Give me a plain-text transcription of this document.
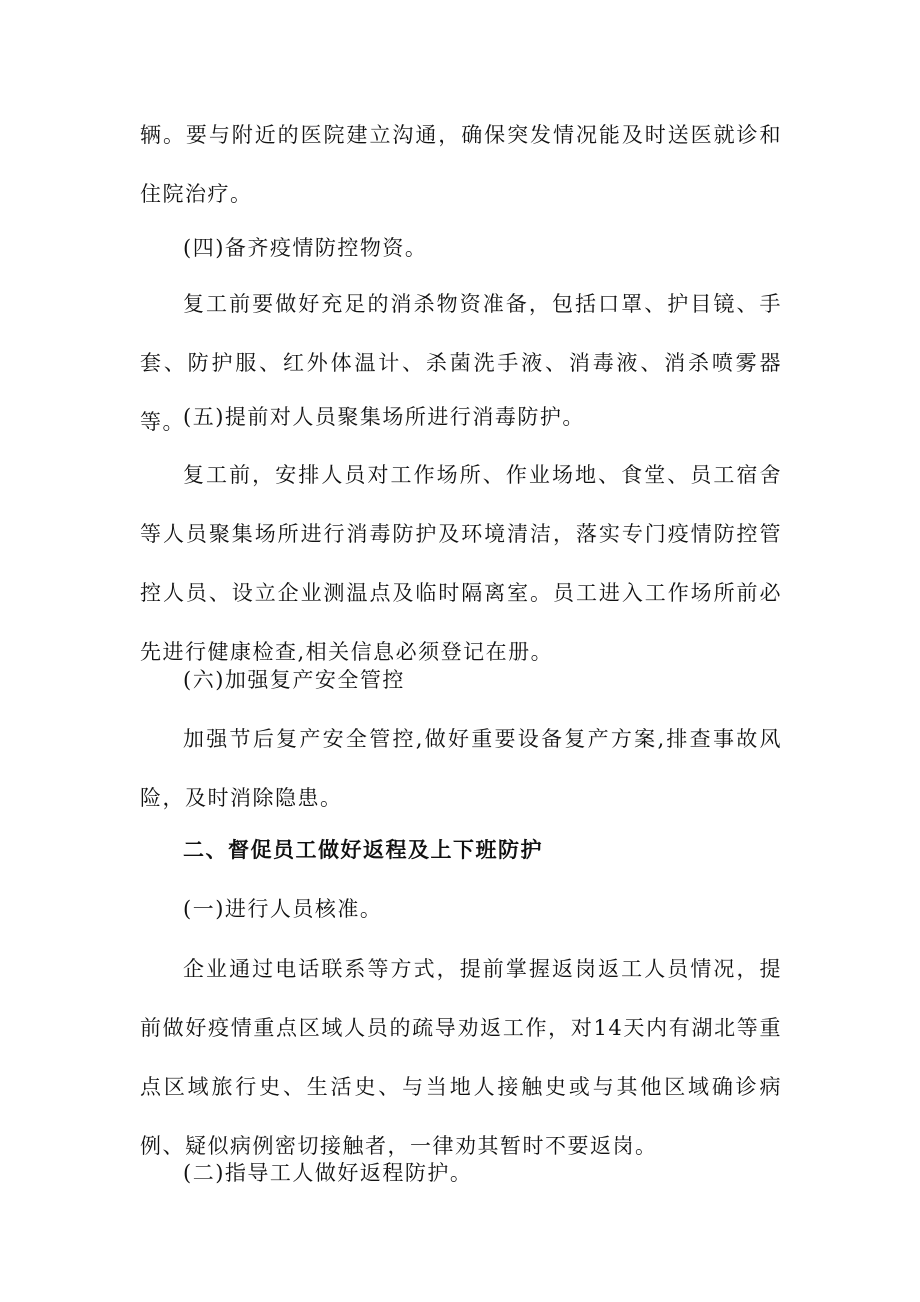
辆。要与附近的医院建立沟通，确保突发情况能及时送医就诊和住院治疗。

(四)备齐疫情防控物资。

复工前要做好充足的消杀物资准备，包括口罩、护目镜、手套、防护服、红外体温计、杀菌洗手液、消毒液、消杀喷雾器等。

(五)提前对人员聚集场所进行消毒防护。

复工前，安排人员对工作场所、作业场地、食堂、员工宿舍等人员聚集场所进行消毒防护及环境清洁，落实专门疫情防控管控人员、设立企业测温点及临时隔离室。员工进入工作场所前必先进行健康检查,相关信息必须登记在册。

(六)加强复产安全管控

加强节后复产安全管控,做好重要设备复产方案,排查事故风险，及时消除隐患。

二、督促员工做好返程及上下班防护

(一)进行人员核准。

企业通过电话联系等方式，提前掌握返岗返工人员情况，提前做好疫情重点区域人员的疏导劝返工作，对14天内有湖北等重点区域旅行史、生活史、与当地人接触史或与其他区域确诊病例、疑似病例密切接触者，一律劝其暂时不要返岗。

(二)指导工人做好返程防护。
